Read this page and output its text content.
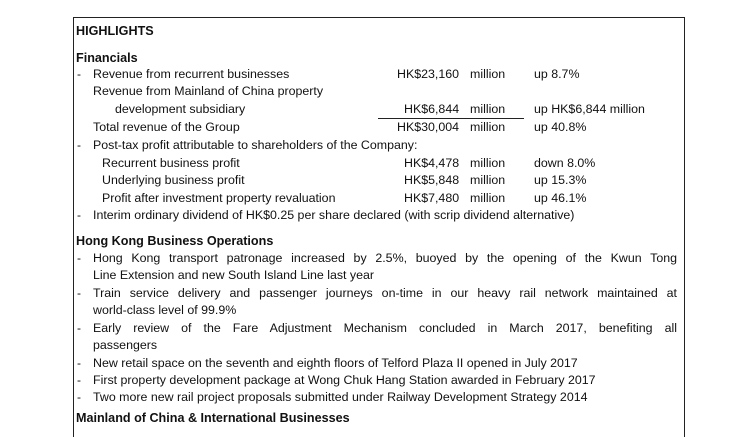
HIGHLIGHTS
Financials
- Revenue from recurrent businesses	HK$23,160 million up 8.7%
Revenue from Mainland of China property
development subsidiary	HK$6,844 million up HK$6,844 million
Total revenue of the Group	HK$30,004 million up 40.8%
- Post-tax profit attributable to shareholders of the Company:
Recurrent business profit	HK$4,478 million down 8.0%
Underlying business profit	HK$5,848 million up 15.3%
Profit after investment property revaluation	HK$7,480 million up 46.1%
- Interim ordinary dividend of HK$0.25 per share declared (with scrip dividend alternative)
Hong Kong Business Operations
- Hong Kong transport patronage increased by 2.5%, buoyed by the opening of the Kwun Tong
Line Extension and new South Island Line last year
- Train service delivery and passenger journeys on-time in our heavy rail network maintained at
world-class level of 99.9%
- Early review of the Fare Adjustment Mechanism concluded in March 2017, benefiting all
passengers
- New retail space on the seventh and eighth floors of Telford Plaza II opened in July 2017
- First property development package at Wong Chuk Hang Station awarded in February 2017
- Two more new rail project proposals submitted under Railway Development Strategy 2014
Mainland of China & International Businesses
